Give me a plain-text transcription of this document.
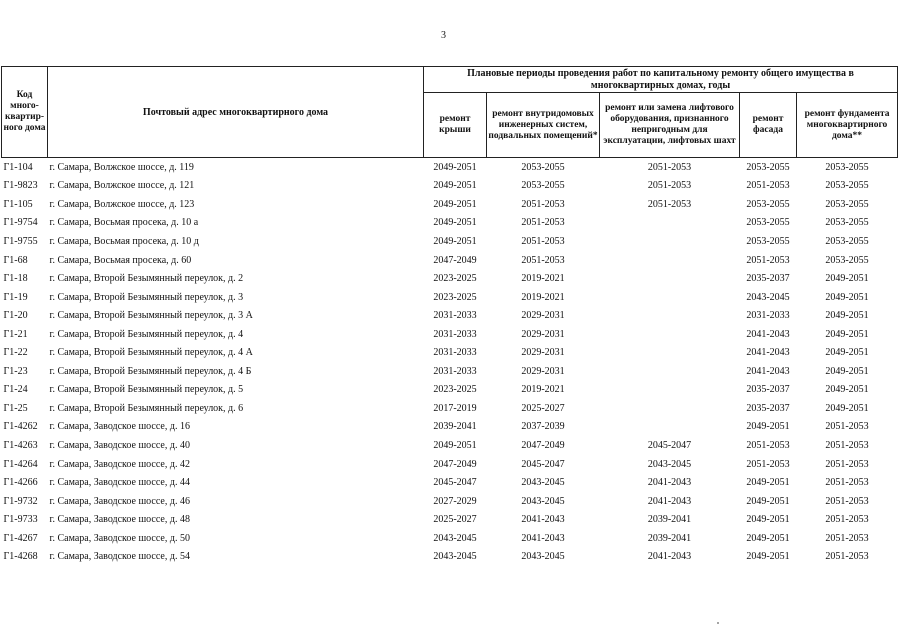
3
Код много-квартир-ного дома	Почтовый адрес многоквартирного дома	Плановые периоды проведения работ по капитальному ремонту общего имущества в многоквартирных домах, годы				
		ремонт крыши	ремонт внутридомовых инженерных систем, подвальных помещений*	ремонт или замена лифтового оборудования, признанного непригодным для эксплуатации, лифтовых шахт	ремонт фасада	ремонт фундамента многоквартирного дома**
Г1-104	г. Самара, Волжское шоссе, д. 119	2049-2051	2053-2055	2051-2053	2053-2055	2053-2055
Г1-9823	г. Самара, Волжское шоссе, д. 121	2049-2051	2053-2055	2051-2053	2051-2053	2053-2055
Г1-105	г. Самара, Волжское шоссе, д. 123	2049-2051	2051-2053	2051-2053	2053-2055	2053-2055
Г1-9754	г. Самара, Восьмая просека, д. 10 а	2049-2051	2051-2053		2053-2055	2053-2055
Г1-9755	г. Самара, Восьмая просека, д. 10 д	2049-2051	2051-2053		2053-2055	2053-2055
Г1-68	г. Самара, Восьмая просека, д. 60	2047-2049	2051-2053		2051-2053	2053-2055
Г1-18	г. Самара, Второй Безымянный переулок, д. 2	2023-2025	2019-2021		2035-2037	2049-2051
Г1-19	г. Самара, Второй Безымянный переулок, д. 3	2023-2025	2019-2021		2043-2045	2049-2051
Г1-20	г. Самара, Второй Безымянный переулок, д. 3 А	2031-2033	2029-2031		2031-2033	2049-2051
Г1-21	г. Самара, Второй Безымянный переулок, д. 4	2031-2033	2029-2031		2041-2043	2049-2051
Г1-22	г. Самара, Второй Безымянный переулок, д. 4 А	2031-2033	2029-2031		2041-2043	2049-2051
Г1-23	г. Самара, Второй Безымянный переулок, д. 4 Б	2031-2033	2029-2031		2041-2043	2049-2051
Г1-24	г. Самара, Второй Безымянный переулок, д. 5	2023-2025	2019-2021		2035-2037	2049-2051
Г1-25	г. Самара, Второй Безымянный переулок, д. 6	2017-2019	2025-2027		2035-2037	2049-2051
Г1-4262	г. Самара, Заводское шоссе, д. 16	2039-2041	2037-2039		2049-2051	2051-2053
Г1-4263	г. Самара, Заводское шоссе, д. 40	2049-2051	2047-2049	2045-2047	2051-2053	2051-2053
Г1-4264	г. Самара, Заводское шоссе, д. 42	2047-2049	2045-2047	2043-2045	2051-2053	2051-2053
Г1-4266	г. Самара, Заводское шоссе, д. 44	2045-2047	2043-2045	2041-2043	2049-2051	2051-2053
Г1-9732	г. Самара, Заводское шоссе, д. 46	2027-2029	2043-2045	2041-2043	2049-2051	2051-2053
Г1-9733	г. Самара, Заводское шоссе, д. 48	2025-2027	2041-2043	2039-2041	2049-2051	2051-2053
Г1-4267	г. Самара, Заводское шоссе, д. 50	2043-2045	2041-2043	2039-2041	2049-2051	2051-2053
Г1-4268	г. Самара, Заводское шоссе, д. 54	2043-2045	2043-2045	2041-2043	2049-2051	2051-2053
